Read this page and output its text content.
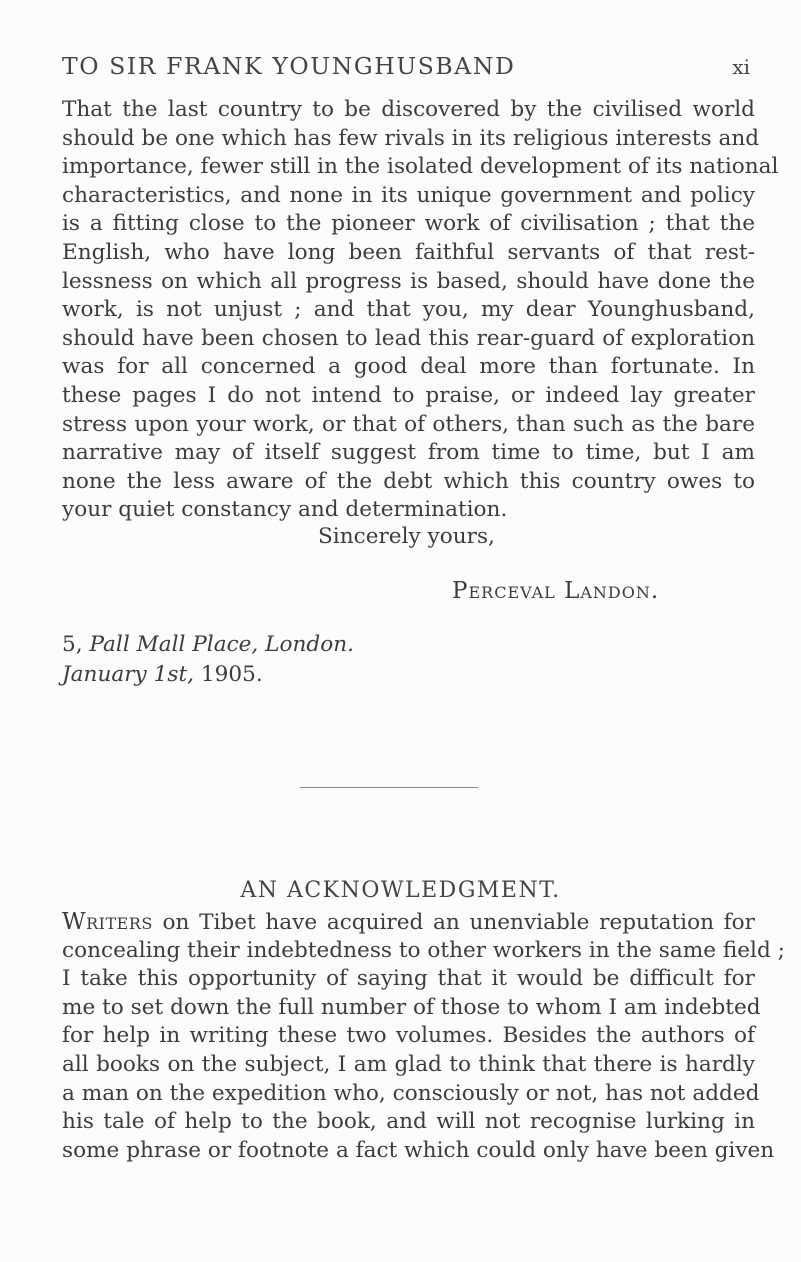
TO SIR FRANK YOUNGHUSBAND	xi
That the last country to be discovered by the civilised world
should be one which has few rivals in its religious interests and
importance, fewer still in the isolated development of its national
characteristics, and none in its unique government and policy
is a fitting close to the pioneer work of civilisation ; that the
English, who have long been faithful servants of that rest-
lessness on which all progress is based, should have done the
work, is not unjust ; and that you, my dear Younghusband,
should have been chosen to lead this rear-guard of exploration
was for all concerned a good deal more than fortunate. In
these pages I do not intend to praise, or indeed lay greater
stress upon your work, or that of others, than such as the bare
narrative may of itself suggest from time to time, but I am
none the less aware of the debt which this country owes to
your quiet constancy and determination.
Sincerely yours,
Perceval Landon.
5, Pall Mall Place, London.
January 1st, 1905.
AN ACKNOWLEDGMENT.
Writers on Tibet have acquired an unenviable reputation for
concealing their indebtedness to other workers in the same field ;
I take this opportunity of saying that it would be difficult for
me to set down the full number of those to whom I am indebted
for help in writing these two volumes. Besides the authors of
all books on the subject, I am glad to think that there is hardly
a man on the expedition who, consciously or not, has not added
his tale of help to the book, and will not recognise lurking in
some phrase or footnote a fact which could only have been given
